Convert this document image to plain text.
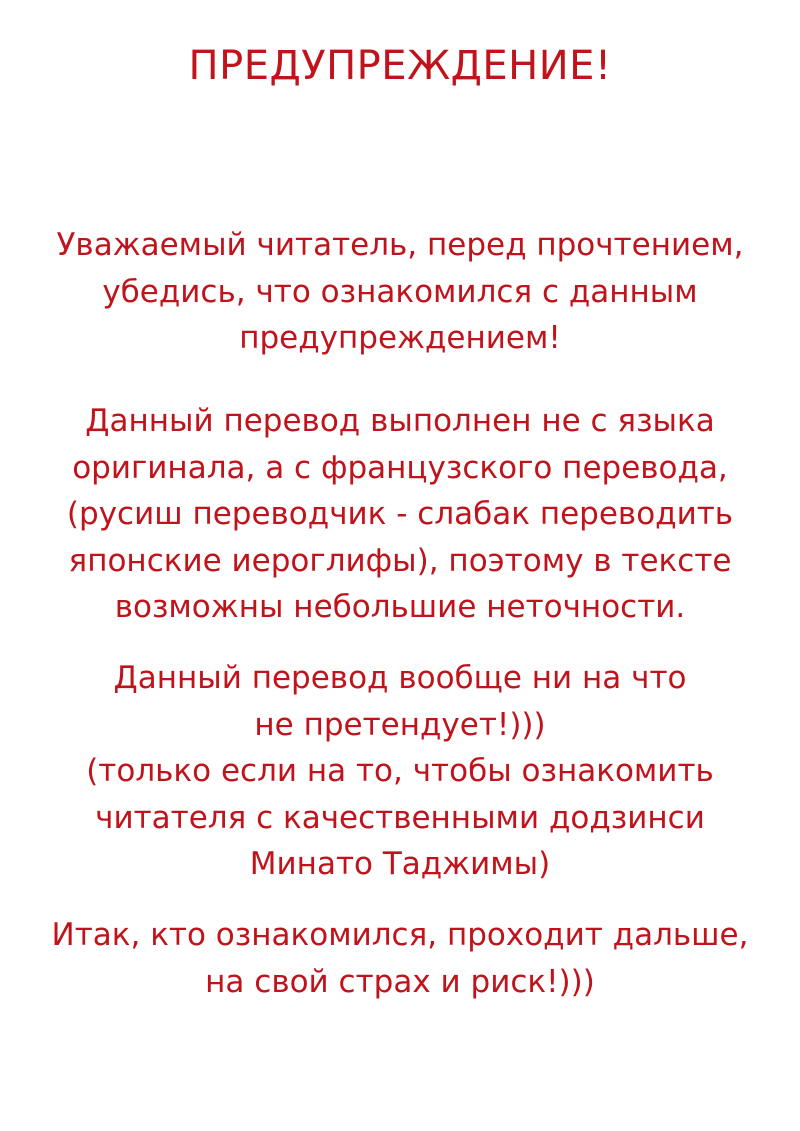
ПРЕДУПРЕЖДЕНИЕ!
Уважаемый читатель, перед прочтением,
убедись, что ознакомился с данным
предупреждением!
Данный перевод выполнен не с языка
оригинала, а с французского перевода,
(русиш переводчик - слабак переводить
японские иероглифы), поэтому в тексте
возможны небольшие неточности.
Данный перевод вообще ни на что
не претендует!)))
(только если на то, чтобы ознакомить
читателя с качественными додзинси
Минато Таджимы)
Итак, кто ознакомился, проходит дальше,
на свой страх и риск!)))
